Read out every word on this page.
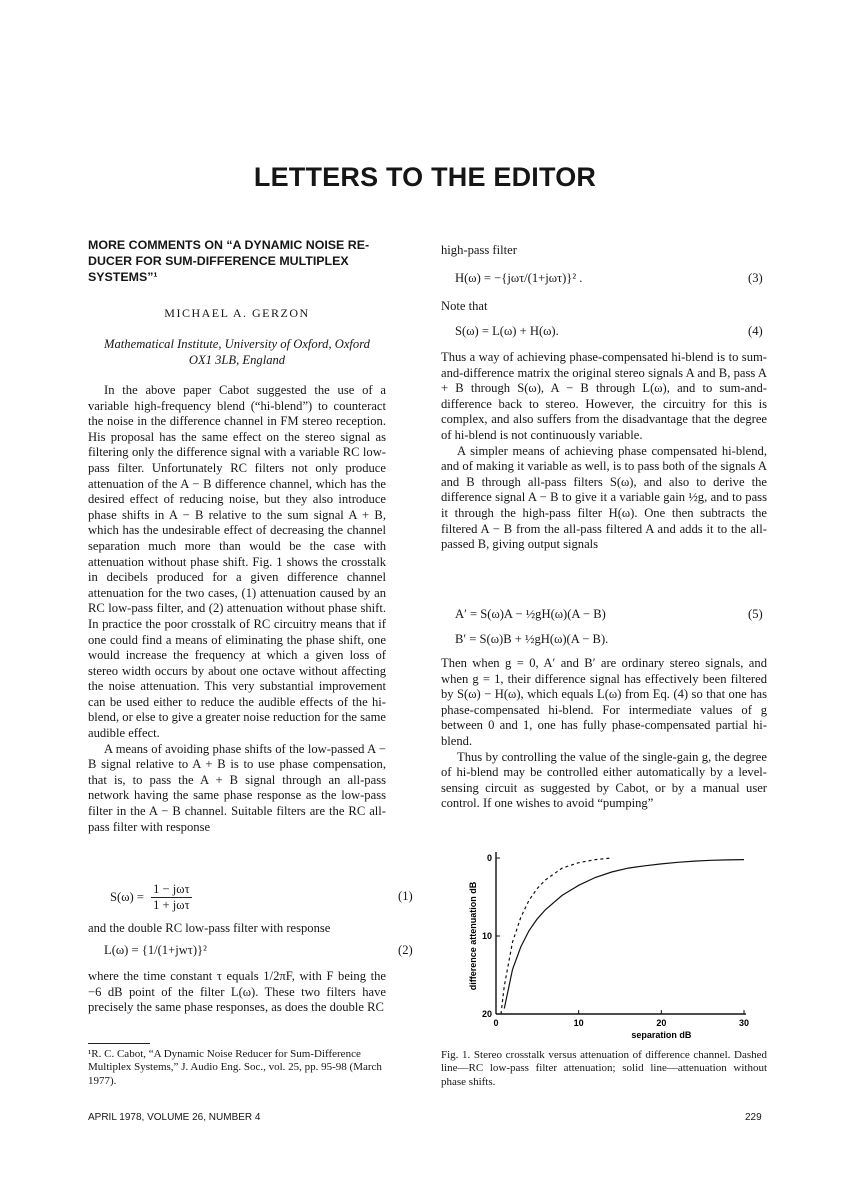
LETTERS TO THE EDITOR
MORE COMMENTS ON “A DYNAMIC NOISE RE-DUCER FOR SUM-DIFFERENCE MULTIPLEX SYSTEMS”¹
MICHAEL A. GERZON
Mathematical Institute, University of Oxford, Oxford
OX1 3LB, England

In the above paper Cabot suggested the use of a variable high-frequency blend (“hi-blend”) to counteract the noise in the difference channel in FM stereo reception. His proposal has the same effect on the stereo signal as filtering only the difference signal with a variable RC low-pass filter. Unfortunately RC filters not only produce attenuation of the A − B difference channel, which has the desired effect of reducing noise, but they also introduce phase shifts in A − B relative to the sum signal A + B, which has the undesirable effect of decreasing the channel separation much more than would be the case with attenuation without phase shift. Fig. 1 shows the crosstalk in decibels produced for a given difference channel attenuation for the two cases, (1) attenuation caused by an RC low-pass filter, and (2) attenuation without phase shift. In practice the poor crosstalk of RC circuitry means that if one could find a means of eliminating the phase shift, one would increase the frequency at which a given loss of stereo width occurs by about one octave without affecting the noise attenuation. This very substantial improvement can be used either to reduce the audible effects of the hi-blend, or else to give a greater noise reduction for the same audible effect.

A means of avoiding phase shifts of the low-passed A − B signal relative to A + B is to use phase compensation, that is, to pass the A + B signal through an all-pass network having the same phase response as the low-pass filter in the A − B channel. Suitable filters are the RC all-pass filter with response

S(ω) =
1 − jωτ
1 + jωτ
(1)
and the double RC low-pass filter with response
L(ω) = {1/(1+jwτ)}²	(2)

where the time constant τ equals 1/2πF, with F being the −6 dB point of the filter L(ω). These two filters have precisely the same phase responses, as does the double RC

¹R. C. Cabot, “A Dynamic Noise Reducer for Sum-Difference Multiplex Systems,” J. Audio Eng. Soc., vol. 25, pp. 95-98 (March 1977).
high-pass filter
H(ω) = −{jωτ/(1+jωτ)}² .	(3)
Note that
S(ω) = L(ω) + H(ω).	(4)

Thus a way of achieving phase-compensated hi-blend is to sum-and-difference matrix the original stereo signals A and B, pass A + B through S(ω), A − B through L(ω), and to sum-and-difference back to stereo. However, the circuitry for this is complex, and also suffers from the disadvantage that the degree of hi-blend is not continuously variable.

A simpler means of achieving phase compensated hi-blend, and of making it variable as well, is to pass both of the signals A and B through all-pass filters S(ω), and also to derive the difference signal A − B to give it a variable gain ½g, and to pass it through the high-pass filter H(ω). One then subtracts the filtered A − B from the all-pass filtered A and adds it to the all-passed B, giving output signals

A′ = S(ω)A − ½gH(ω)(A − B)	(5)
B′ = S(ω)B + ½gH(ω)(A − B).

Then when g = 0, A′ and B′ are ordinary stereo signals, and when g = 1, their difference signal has effectively been filtered by S(ω) − H(ω), which equals L(ω) from Eq. (4) so that one has phase-compensated hi-blend. For intermediate values of g between 0 and 1, one has fully phase-compensated partial hi-blend.

Thus by controlling the value of the single-gain g, the degree of hi-blend may be controlled either automatically by a level-sensing circuit as suggested by Cabot, or by a manual user control. If one wishes to avoid “pumping”

0	10	20	30
0
10
20
separation dB
difference attenuation dB
Fig. 1. Stereo crosstalk versus attenuation of difference channel. Dashed line—RC low-pass filter attenuation; solid line—attenuation without phase shifts.
APRIL 1978, VOLUME 26, NUMBER 4	229
